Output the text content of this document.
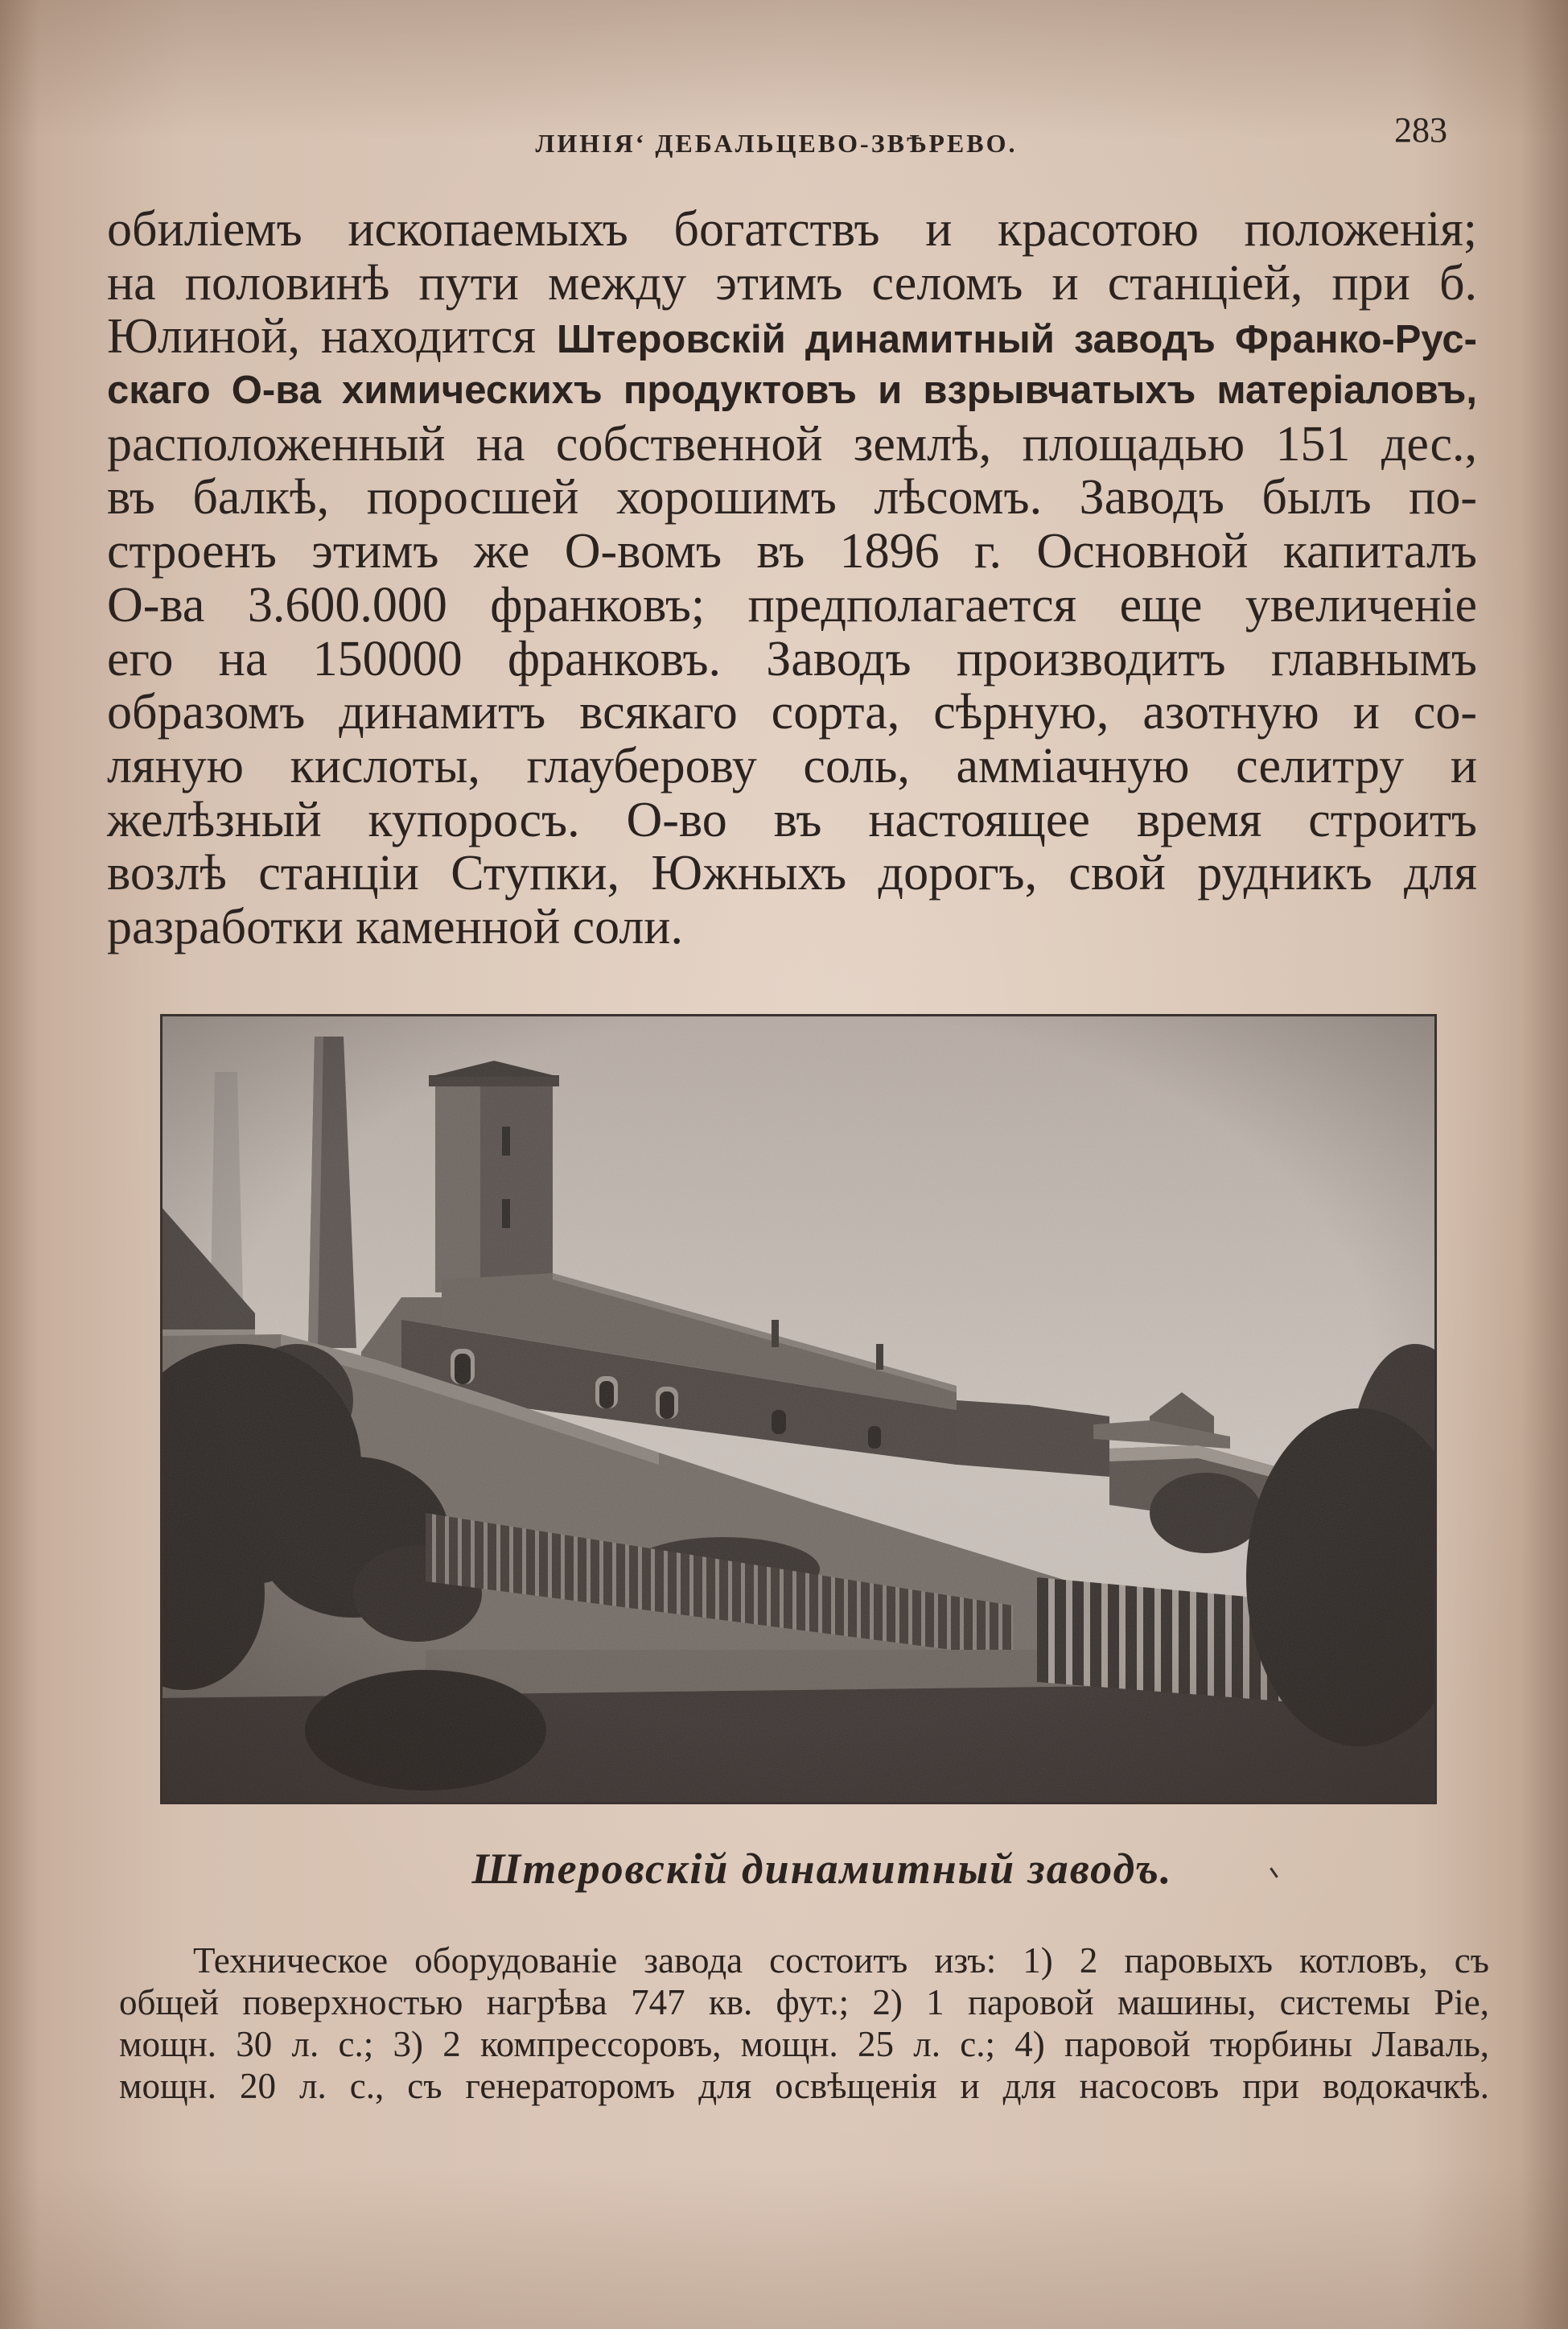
ЛИНІЯ‘ ДЕБАЛЬЦЕВО-ЗВѢРЕВО.	283
обиліемъ ископаемыхъ богатствъ и красотою положенія;
на половинѣ пути между этимъ селомъ и станціей, при б.
Юлиной, находится Штеровскій динамитный заводъ Франко-Рус-
скаго О-ва химическихъ продуктовъ и взрывчатыхъ матеріаловъ,
расположенный на собственной землѣ, площадью 151 дес.,
въ балкѣ, поросшей хорошимъ лѣсомъ. Заводъ былъ по-
строенъ этимъ же О-вомъ въ 1896 г. Основной капиталъ
О-ва 3.600.000 франковъ; предполагается еще увеличеніе
его на 150000 франковъ. Заводъ производитъ главнымъ
образомъ динамитъ всякаго сорта, сѣрную, азотную и со-
ляную кислоты, глауберову соль, амміачную селитру и
желѣзный купоросъ. О-во въ настоящее время строитъ
возлѣ станціи Ступки, Южныхъ дорогъ, свой рудникъ для
разработки каменной соли.
Штеровскій динамитный заводъ.
Техническое оборудованіе завода состоитъ изъ: 1) 2 паровыхъ котловъ, съ
общей поверхностью нагрѣва 747 кв. фут.; 2) 1 паровой машины, системы Ріе,
мощн. 30 л. с.; 3) 2 компрессоровъ, мощн. 25 л. с.; 4) паровой тюрбины Лаваль,
мощн. 20 л. с., съ генераторомъ для освѣщенія и для насосовъ при водокачкѣ.
